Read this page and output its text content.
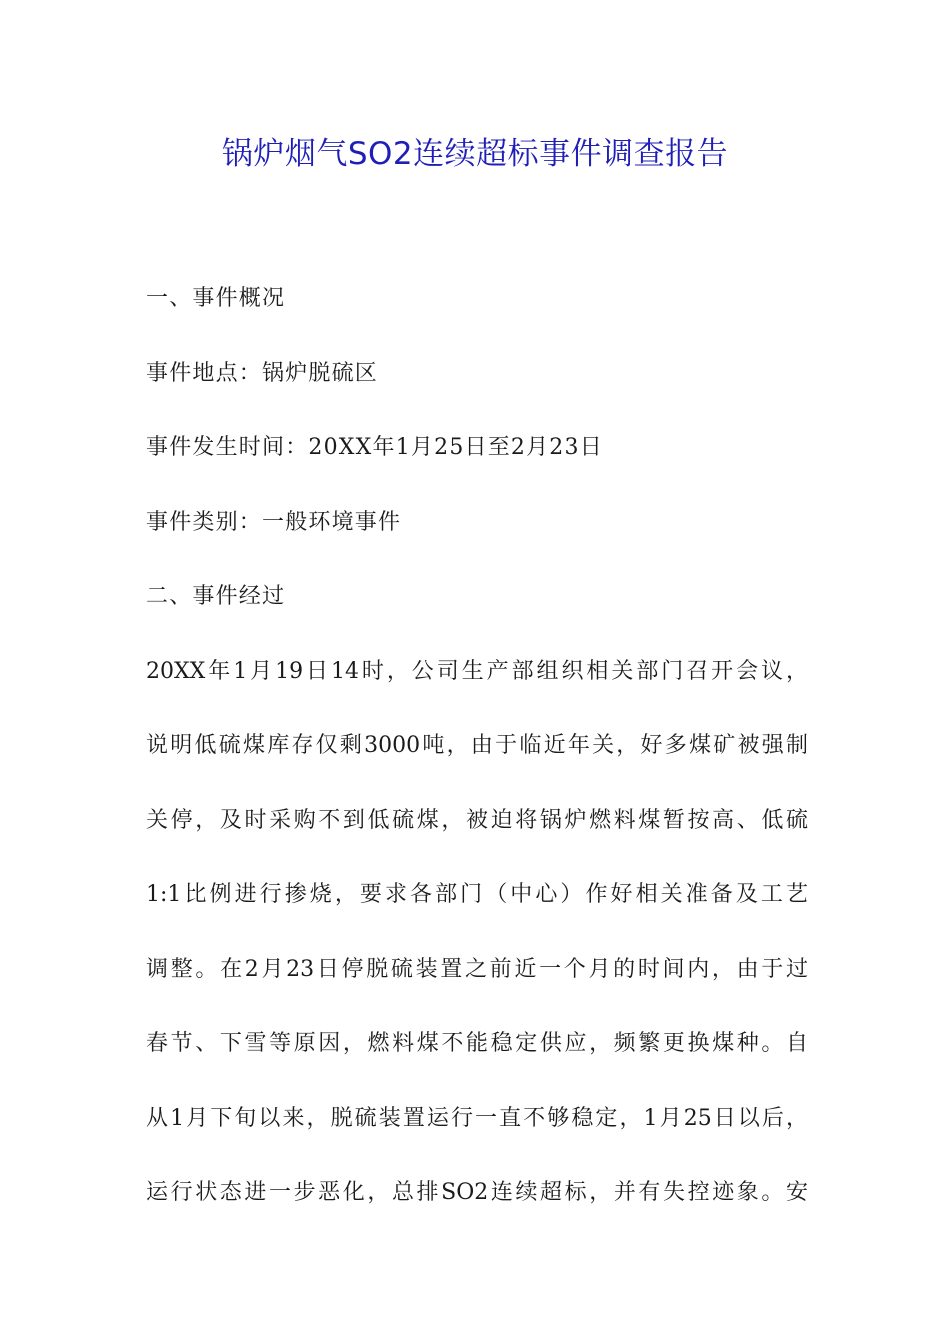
锅炉烟气SO2连续超标事件调查报告
一、事件概况
事件地点：锅炉脱硫区
事件发生时间：20XX年1月25日至2月23日
事件类别：一般环境事件
二、事件经过
20XX年1月19日14时，公司生产部组织相关部门召开会议，
说明低硫煤库存仅剩3000吨，由于临近年关，好多煤矿被强制
关停，及时采购不到低硫煤，被迫将锅炉燃料煤暂按高、低硫
1:1比例进行掺烧，要求各部门（中心）作好相关准备及工艺
调整。在2月23日停脱硫装置之前近一个月的时间内，由于过
春节、下雪等原因，燃料煤不能稳定供应，频繁更换煤种。自
从1月下旬以来，脱硫装置运行一直不够稳定，1月25日以后，
运行状态进一步恶化，总排SO2连续超标，并有失控迹象。安
